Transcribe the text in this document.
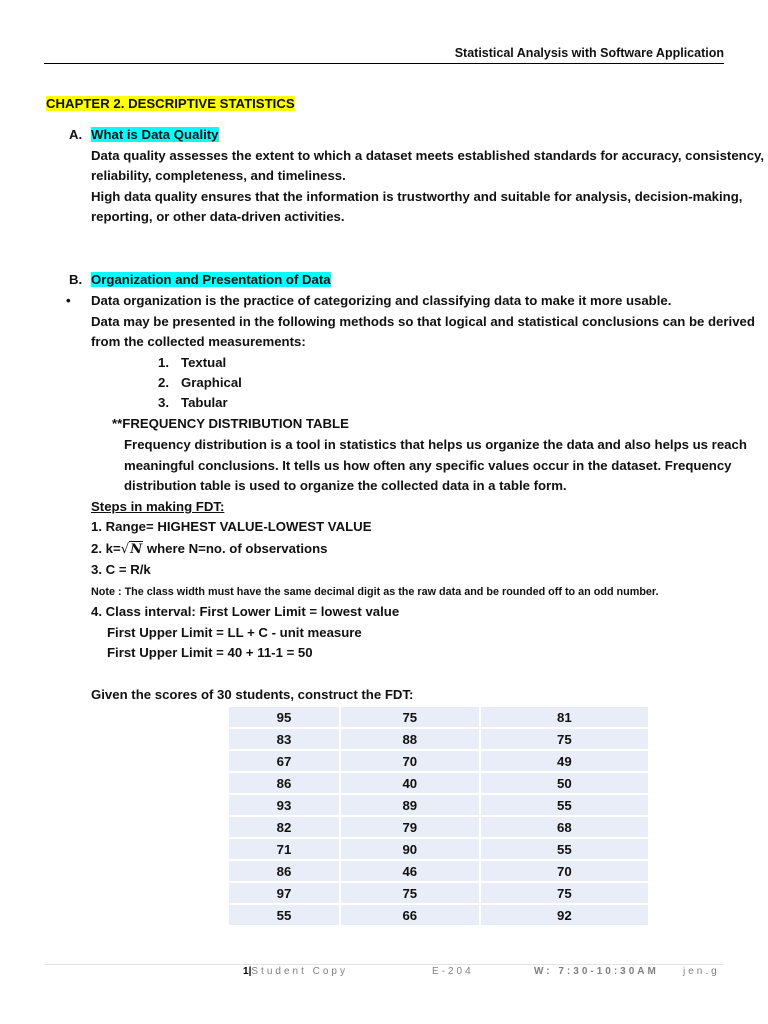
Statistical Analysis with Software Application
CHAPTER 2. DESCRIPTIVE STATISTICS
A. What is Data Quality
Data quality assesses the extent to which a dataset meets established standards for accuracy, consistency,
reliability, completeness, and timeliness.
High data quality ensures that the information is trustworthy and suitable for analysis, decision-making,
reporting, or other data-driven activities.
B. Organization and Presentation of Data
• Data organization is the practice of categorizing and classifying data to make it more usable.
Data may be presented in the following methods so that logical and statistical conclusions can be derived
from the collected measurements:
1. Textual
2. Graphical
3. Tabular
**FREQUENCY DISTRIBUTION TABLE
Frequency distribution is a tool in statistics that helps us organize the data and also helps us reach
meaningful conclusions. It tells us how often any specific values occur in the dataset. Frequency
distribution table is used to organize the collected data in a table form.
Steps in making FDT:
1. Range= HIGHEST VALUE-LOWEST VALUE
2. k=√N where N=no. of observations
3. C = R/k
Note : The class width must have the same decimal digit as the raw data and be rounded off to an odd number.
4. Class interval: First Lower Limit = lowest value
First Upper Limit = LL + C - unit measure
First Upper Limit = 40 + 11-1 = 50
Given the scores of 30 students, construct the FDT:
95	75	81
83	88	75
67	70	49
86	40	50
93	89	55
82	79	68
71	90	55
86	46	70
97	75	75
55	66	92
1|Student Copy	E-204	W: 7:30-10:30AM jen.g
